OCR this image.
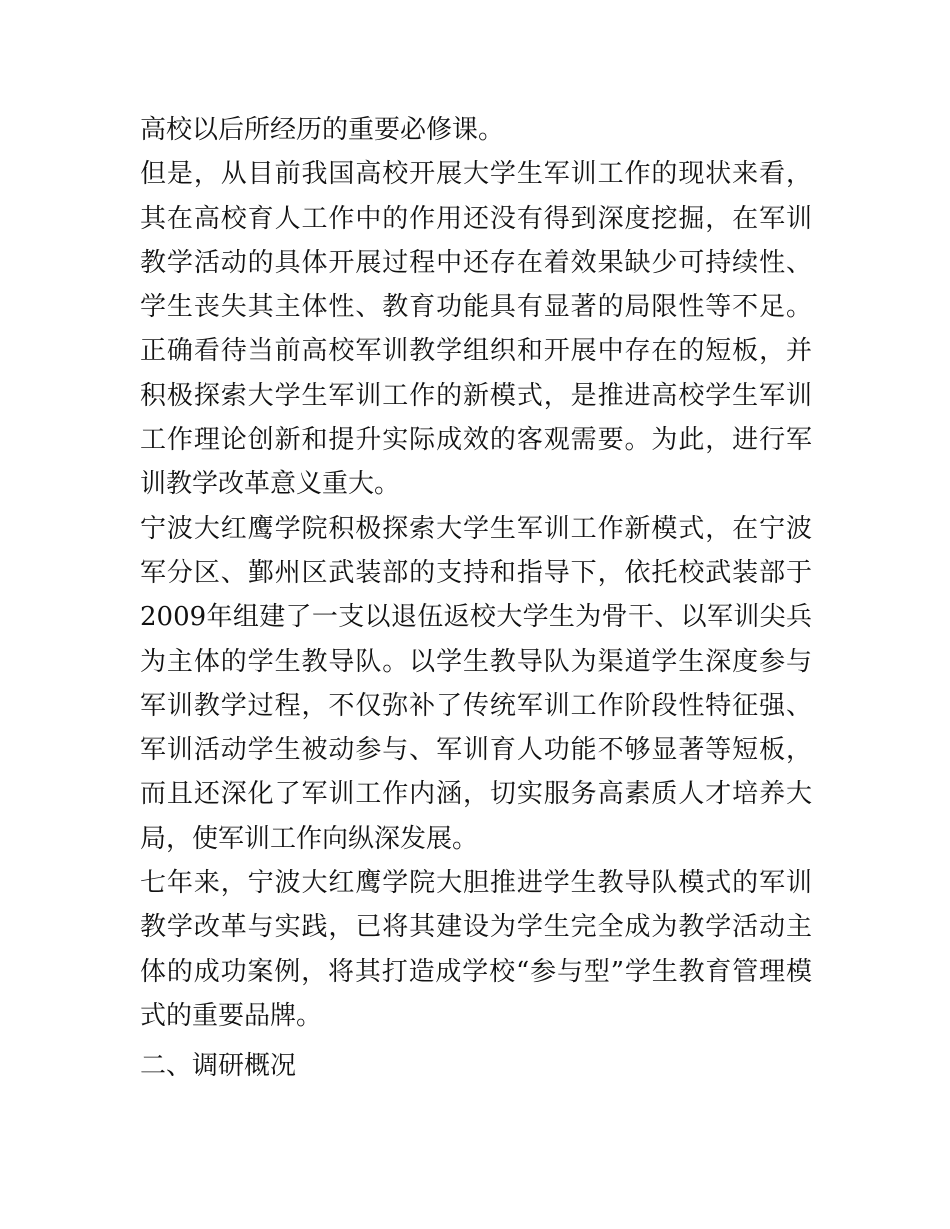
高校以后所经历的重要必修课。

但是，从目前我国高校开展大学生军训工作的现状来看，其在高校育人工作中的作用还没有得到深度挖掘，在军训教学活动的具体开展过程中还存在着效果缺少可持续性、学生丧失其主体性、教育功能具有显著的局限性等不足。正确看待当前高校军训教学组织和开展中存在的短板，并积极探索大学生军训工作的新模式，是推进高校学生军训工作理论创新和提升实际成效的客观需要。为此，进行军训教学改革意义重大。

宁波大红鹰学院积极探索大学生军训工作新模式，在宁波军分区、鄞州区武装部的支持和指导下，依托校武装部于2009年组建了一支以退伍返校大学生为骨干、以军训尖兵为主体的学生教导队。以学生教导队为渠道学生深度参与军训教学过程，不仅弥补了传统军训工作阶段性特征强、军训活动学生被动参与、军训育人功能不够显著等短板，而且还深化了军训工作内涵，切实服务高素质人才培养大局，使军训工作向纵深发展。

七年来，宁波大红鹰学院大胆推进学生教导队模式的军训教学改革与实践，已将其建设为学生完全成为教学活动主体的成功案例，将其打造成学校“参与型”学生教育管理模式的重要品牌。

二、调研概况
